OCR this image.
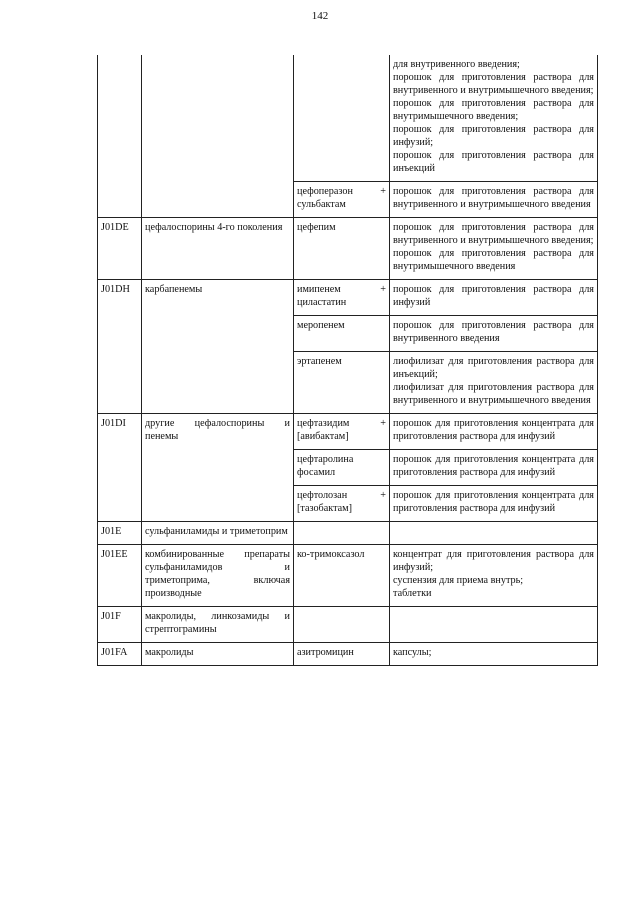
142

			для внутривенного введения;
порошок для приготовления раствора для внутривенного и внутримышечного введения;
порошок для приготовления раствора для внутримышечного введения;
порошок для приготовления раствора для инфузий;
порошок для приготовления раствора для инъекций

		цефоперазон + сульбактам	порошок для приготовления раствора для внутривенного и внутримышечного введения

J01DE	цефалоспорины 4-го поколения	цефепим	порошок для приготовления раствора для внутривенного и внутримышечного введения;
порошок для приготовления раствора для внутримышечного введения

J01DH	карбапенемы	имипенем + циластатин	порошок для приготовления раствора для инфузий

		меропенем	порошок для приготовления раствора для внутривенного введения

		эртапенем	лиофилизат для приготовления раствора для инъекций;
лиофилизат для приготовления раствора для внутривенного и внутримышечного введения

J01DI	другие цефалоспорины и пенемы	цефтазидим + [авибактам]	порошок для приготовления концентрата для приготовления раствора для инфузий

		цефтаролина фосамил	порошок для приготовления концентрата для приготовления раствора для инфузий

		цефтолозан + [тазобактам]	порошок для приготовления концентрата для приготовления раствора для инфузий

J01E	сульфаниламиды и триметоприм		
J01EE	комбинированные препараты сульфаниламидов и триметоприма, включая производные	ко-тримоксазол	концентрат для приготовления раствора для инфузий;
суспензия для приема внутрь;
таблетки

J01F	макролиды, линкозамиды и стрептограмины		
J01FA	макролиды	азитромицин	капсулы;
